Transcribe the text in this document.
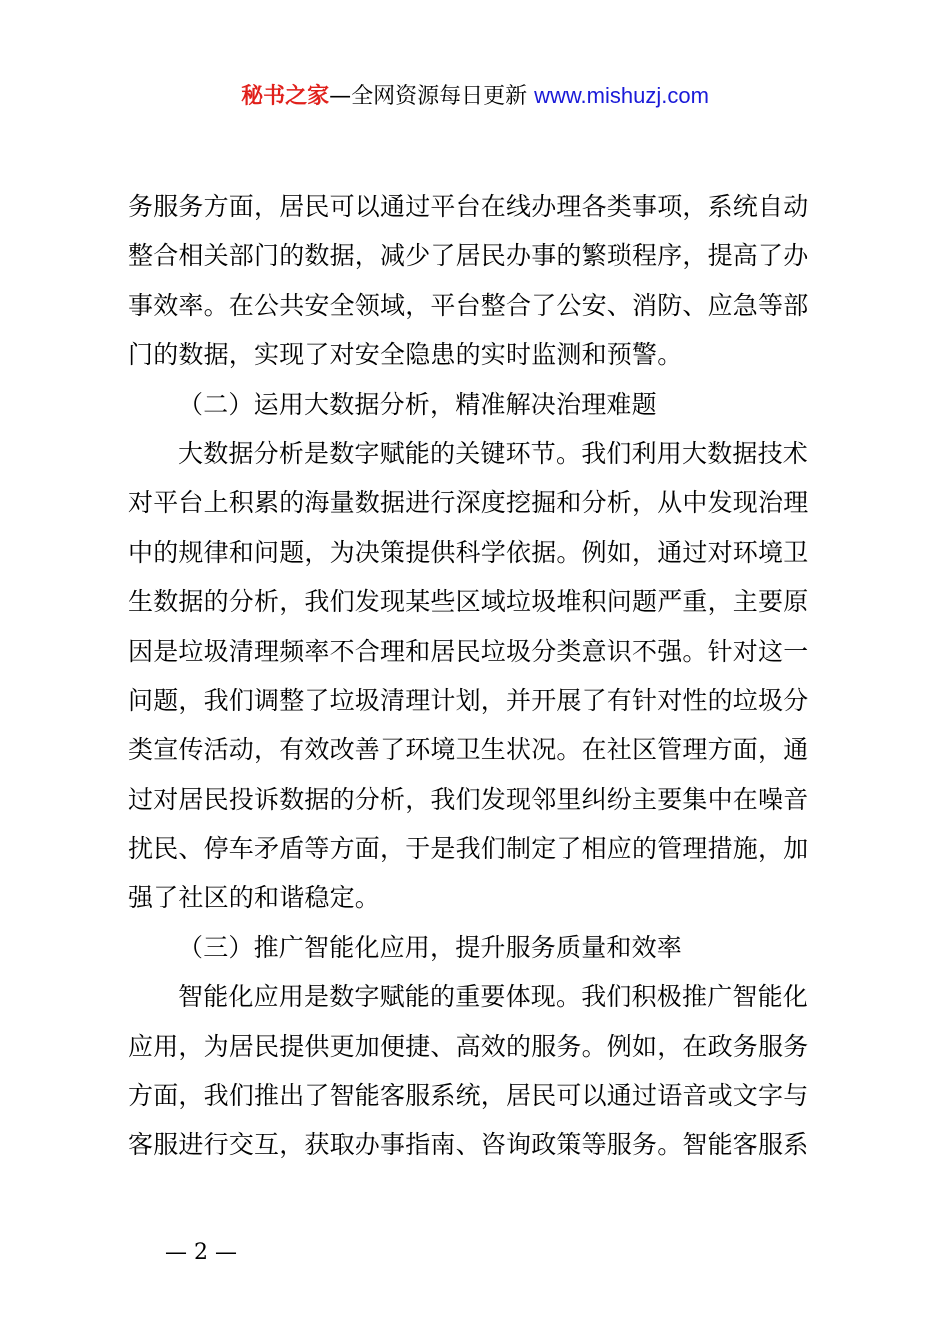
秘书之家—全网资源每日更新 www.mishuzj.com
务服务方面，居民可以通过平台在线办理各类事项，系统自动
整合相关部门的数据，减少了居民办事的繁琐程序，提高了办
事效率。在公共安全领域，平台整合了公安、消防、应急等部
门的数据，实现了对安全隐患的实时监测和预警。
（二）运用大数据分析，精准解决治理难题
大数据分析是数字赋能的关键环节。我们利用大数据技术
对平台上积累的海量数据进行深度挖掘和分析，从中发现治理
中的规律和问题，为决策提供科学依据。例如，通过对环境卫
生数据的分析，我们发现某些区域垃圾堆积问题严重，主要原
因是垃圾清理频率不合理和居民垃圾分类意识不强。针对这一
问题，我们调整了垃圾清理计划，并开展了有针对性的垃圾分
类宣传活动，有效改善了环境卫生状况。在社区管理方面，通
过对居民投诉数据的分析，我们发现邻里纠纷主要集中在噪音
扰民、停车矛盾等方面，于是我们制定了相应的管理措施，加
强了社区的和谐稳定。
（三）推广智能化应用，提升服务质量和效率
智能化应用是数字赋能的重要体现。我们积极推广智能化
应用，为居民提供更加便捷、高效的服务。例如，在政务服务
方面，我们推出了智能客服系统，居民可以通过语音或文字与
客服进行交互，获取办事指南、咨询政策等服务。智能客服系
— 2 —
